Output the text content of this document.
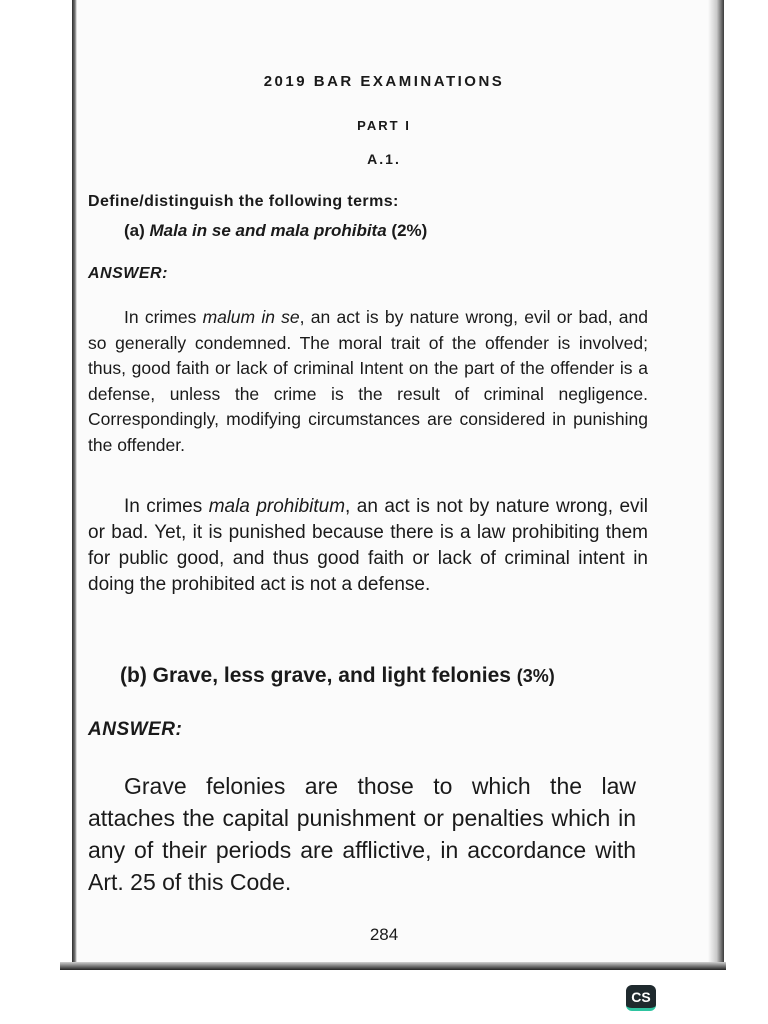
2019 BAR EXAMINATIONS
PART I
A.1.
Define/distinguish the following terms:
(a) Mala in se and mala prohibita (2%)
ANSWER:
In crimes malum in se, an act is by nature wrong, evil or bad, and so generally condemned. The moral trait of the offender is involved; thus, good faith or lack of criminal Intent on the part of the offender is a defense, unless the crime is the result of criminal negligence. Correspondingly, modifying circumstances are considered in punishing the offender.
In crimes mala prohibitum, an act is not by nature wrong, evil or bad. Yet, it is punished because there is a law prohibiting them for public good, and thus good faith or lack of criminal intent in doing the prohibited act is not a defense.
(b) Grave, less grave, and light felonies (3%)
ANSWER:
Grave felonies are those to which the law attaches the capital punishment or penalties which in any of their periods are afflictive, in accordance with Art. 25 of this Code.
284
CS
